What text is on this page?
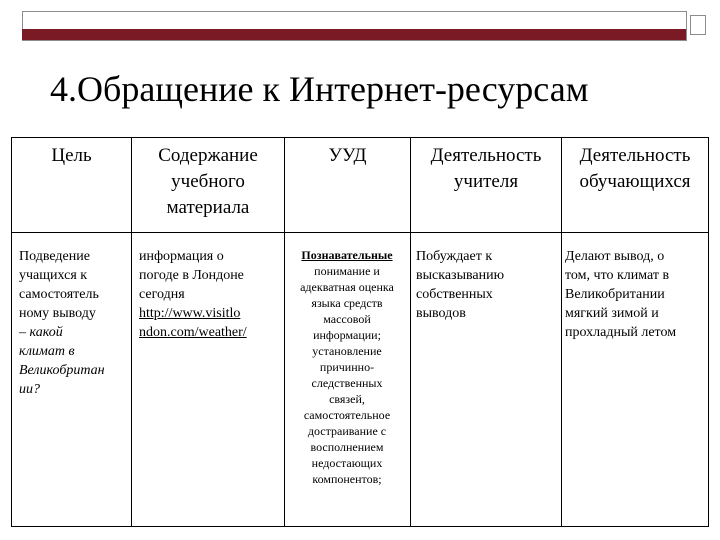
4.Обращение к Интернет-ресурсам
Цель	Содержание
учебного
материала
УУД	Деятельность
учителя
Деятельность
обучающихся
Подведение
учащихся к
самостоятель
ному выводу
– какой
климат в
Великобритан
ии?
информация о
погоде в Лондоне
сегодня
http://www.visitlo
ndon.com/weather/
Познавательные
понимание и
адекватная оценка
языка средств
массовой
информации;
установление
причинно-
следственных
связей,
самостоятельное
достраивание с
восполнением
недостающих
компонентов;
Побуждает к
высказыванию
собственных
выводов
Делают вывод, о
том, что климат в
Великобритании
мягкий зимой и
прохладный летом
